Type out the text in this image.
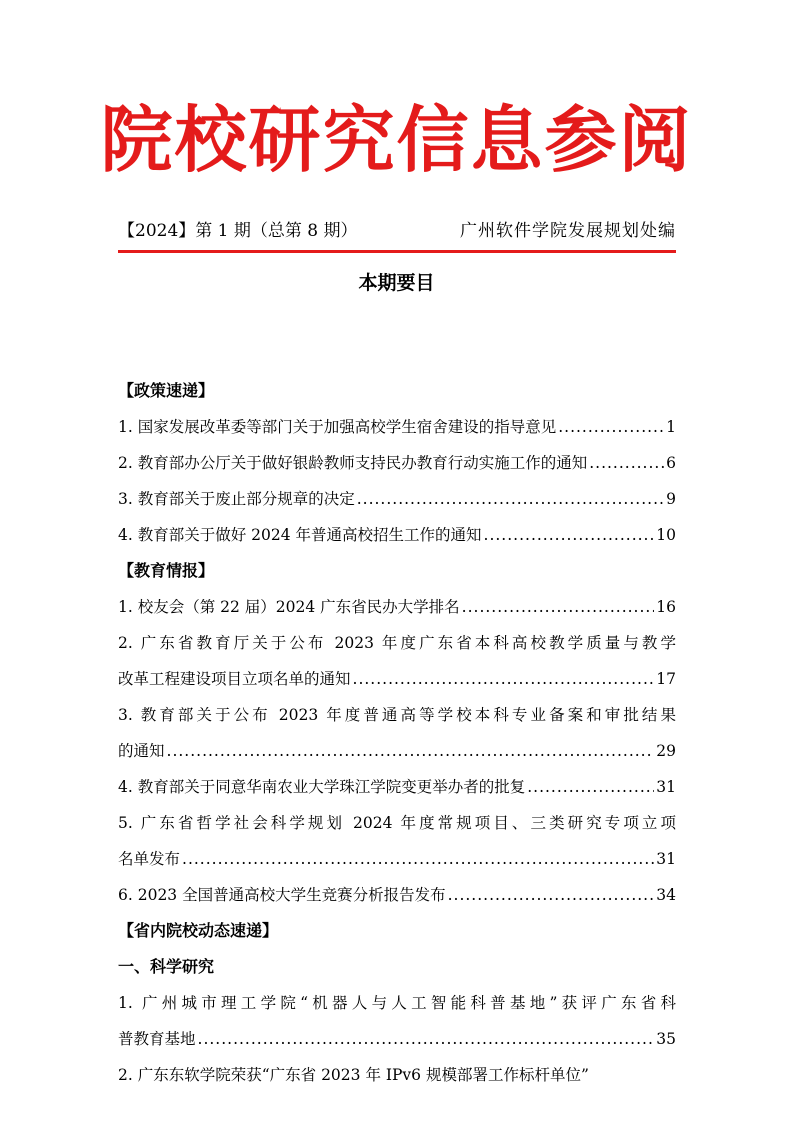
院校研究信息参阅
【2024】第 1 期（总第 8 期）	广州软件学院发展规划处编
本期要目
【政策速递】
1. 国家发展改革委等部门关于加强高校学生宿舍建设的指导意见 .....	1
2. 教育部办公厅关于做好银龄教师支持民办教育行动实施工作的通知 .....	6
3. 教育部关于废止部分规章的决定 .....	9
4. 教育部关于做好 2024 年普通高校招生工作的通知 .....	10
【教育情报】
1. 校友会（第 22 届）2024 广东省民办大学排名 .....	16
2. 广东省教育厅关于公布 2023 年度广东省本科高校教学质量与教学
改革工程建设项目立项名单的通知 .....	17
3. 教育部关于公布 2023 年度普通高等学校本科专业备案和审批结果
的通知 .....	29
4. 教育部关于同意华南农业大学珠江学院变更举办者的批复 .....	31
5. 广东省哲学社会科学规划 2024 年度常规项目、三类研究专项立项
名单发布 .....	31
6. 2023 全国普通高校大学生竞赛分析报告发布 .....	34
【省内院校动态速递】
一、科学研究
1. 广州城市理工学院“机器人与人工智能科普基地”获评广东省科
普教育基地 .....	35
2. 广东东软学院荣获“广东省 2023 年 IPv6 规模部署工作标杆单位”
